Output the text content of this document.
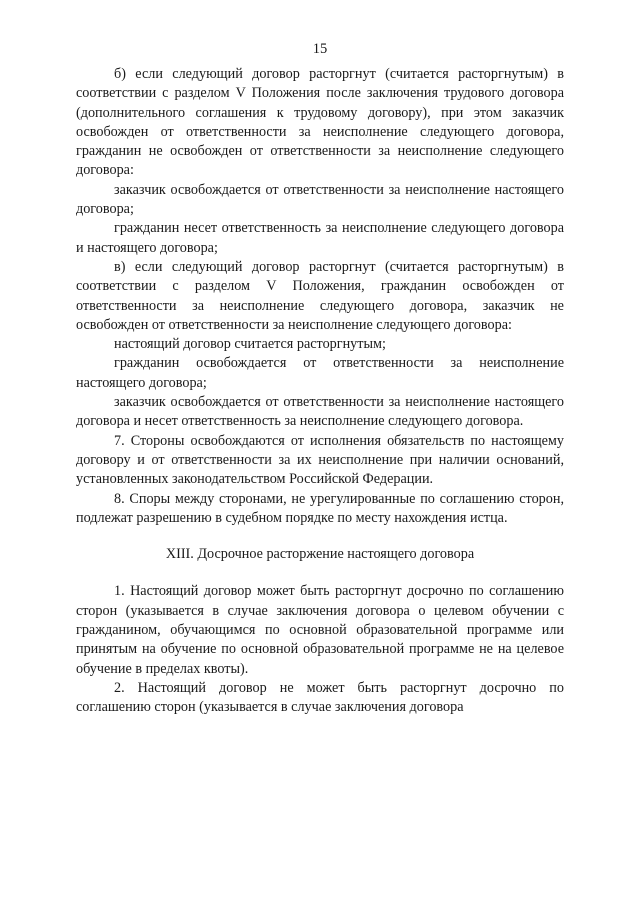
15

б) если следующий договор расторгнут (считается расторгнутым) в соответствии с разделом V Положения после заключения трудового договора (дополнительного соглашения к трудовому договору), при этом заказчик освобожден от ответственности за неисполнение следующего договора, гражданин не освобожден от ответственности за неисполнение следующего договора:

заказчик освобождается от ответственности за неисполнение настоящего договора;

гражданин несет ответственность за неисполнение следующего договора и настоящего договора;

в) если следующий договор расторгнут (считается расторгнутым) в соответствии с разделом V Положения, гражданин освобожден от ответственности за неисполнение следующего договора, заказчик не освобожден от ответственности за неисполнение следующего договора:

настоящий договор считается расторгнутым;

гражданин освобождается от ответственности за неисполнение настоящего договора;

заказчик освобождается от ответственности за неисполнение настоящего договора и несет ответственность за неисполнение следующего договора.

7. Стороны освобождаются от исполнения обязательств по настоящему договору и от ответственности за их неисполнение при наличии оснований, установленных законодательством Российской Федерации.

8. Споры между сторонами, не урегулированные по соглашению сторон, подлежат разрешению в судебном порядке по месту нахождения истца.

XIII. Досрочное расторжение настоящего договора

1. Настоящий договор может быть расторгнут досрочно по соглашению сторон (указывается в случае заключения договора о целевом обучении с гражданином, обучающимся по основной образовательной программе или принятым на обучение по основной образовательной программе не на целевое обучение в пределах квоты).

2. Настоящий договор не может быть расторгнут досрочно по соглашению сторон (указывается в случае заключения договора
